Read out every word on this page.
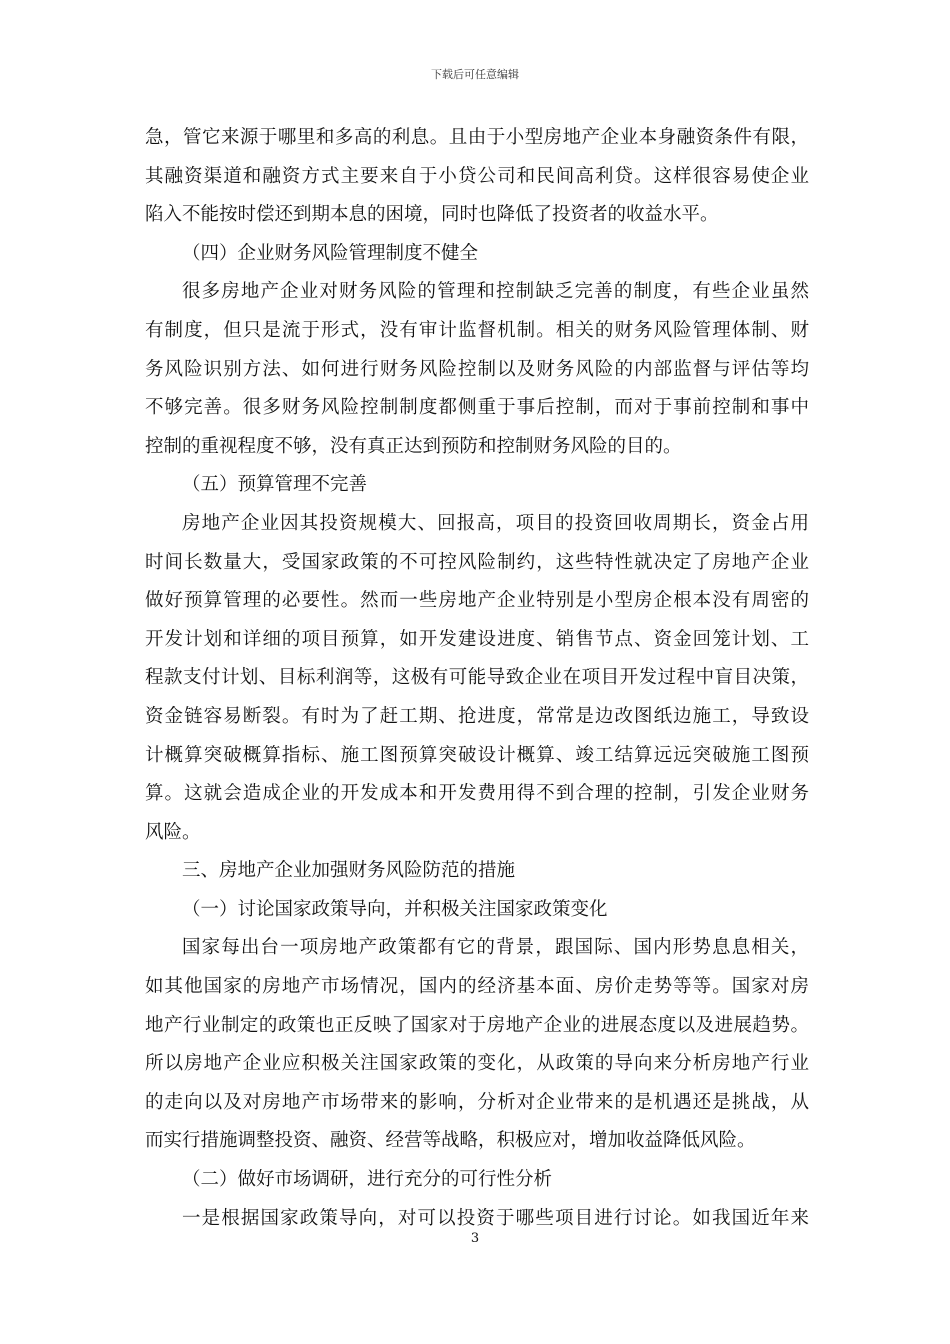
下载后可任意编辑
急，管它来源于哪里和多高的利息。且由于小型房地产企业本身融资条件有限，
其融资渠道和融资方式主要来自于小贷公司和民间高利贷。这样很容易使企业
陷入不能按时偿还到期本息的困境，同时也降低了投资者的收益水平。
（四）企业财务风险管理制度不健全
很多房地产企业对财务风险的管理和控制缺乏完善的制度，有些企业虽然
有制度，但只是流于形式，没有审计监督机制。相关的财务风险管理体制、财
务风险识别方法、如何进行财务风险控制以及财务风险的内部监督与评估等均
不够完善。很多财务风险控制制度都侧重于事后控制，而对于事前控制和事中
控制的重视程度不够，没有真正达到预防和控制财务风险的目的。
（五）预算管理不完善
房地产企业因其投资规模大、回报高，项目的投资回收周期长，资金占用
时间长数量大，受国家政策的不可控风险制约，这些特性就决定了房地产企业
做好预算管理的必要性。然而一些房地产企业特别是小型房企根本没有周密的
开发计划和详细的项目预算，如开发建设进度、销售节点、资金回笼计划、工
程款支付计划、目标利润等，这极有可能导致企业在项目开发过程中盲目决策，
资金链容易断裂。有时为了赶工期、抢进度，常常是边改图纸边施工，导致设
计概算突破概算指标、施工图预算突破设计概算、竣工结算远远突破施工图预
算。这就会造成企业的开发成本和开发费用得不到合理的控制，引发企业财务
风险。
三、房地产企业加强财务风险防范的措施
（一）讨论国家政策导向，并积极关注国家政策变化
国家每出台一项房地产政策都有它的背景，跟国际、国内形势息息相关，
如其他国家的房地产市场情况，国内的经济基本面、房价走势等等。国家对房
地产行业制定的政策也正反映了国家对于房地产企业的进展态度以及进展趋势。
所以房地产企业应积极关注国家政策的变化，从政策的导向来分析房地产行业
的走向以及对房地产市场带来的影响，分析对企业带来的是机遇还是挑战，从
而实行措施调整投资、融资、经营等战略，积极应对，增加收益降低风险。
（二）做好市场调研，进行充分的可行性分析
一是根据国家政策导向，对可以投资于哪些项目进行讨论。如我国近年来
3
